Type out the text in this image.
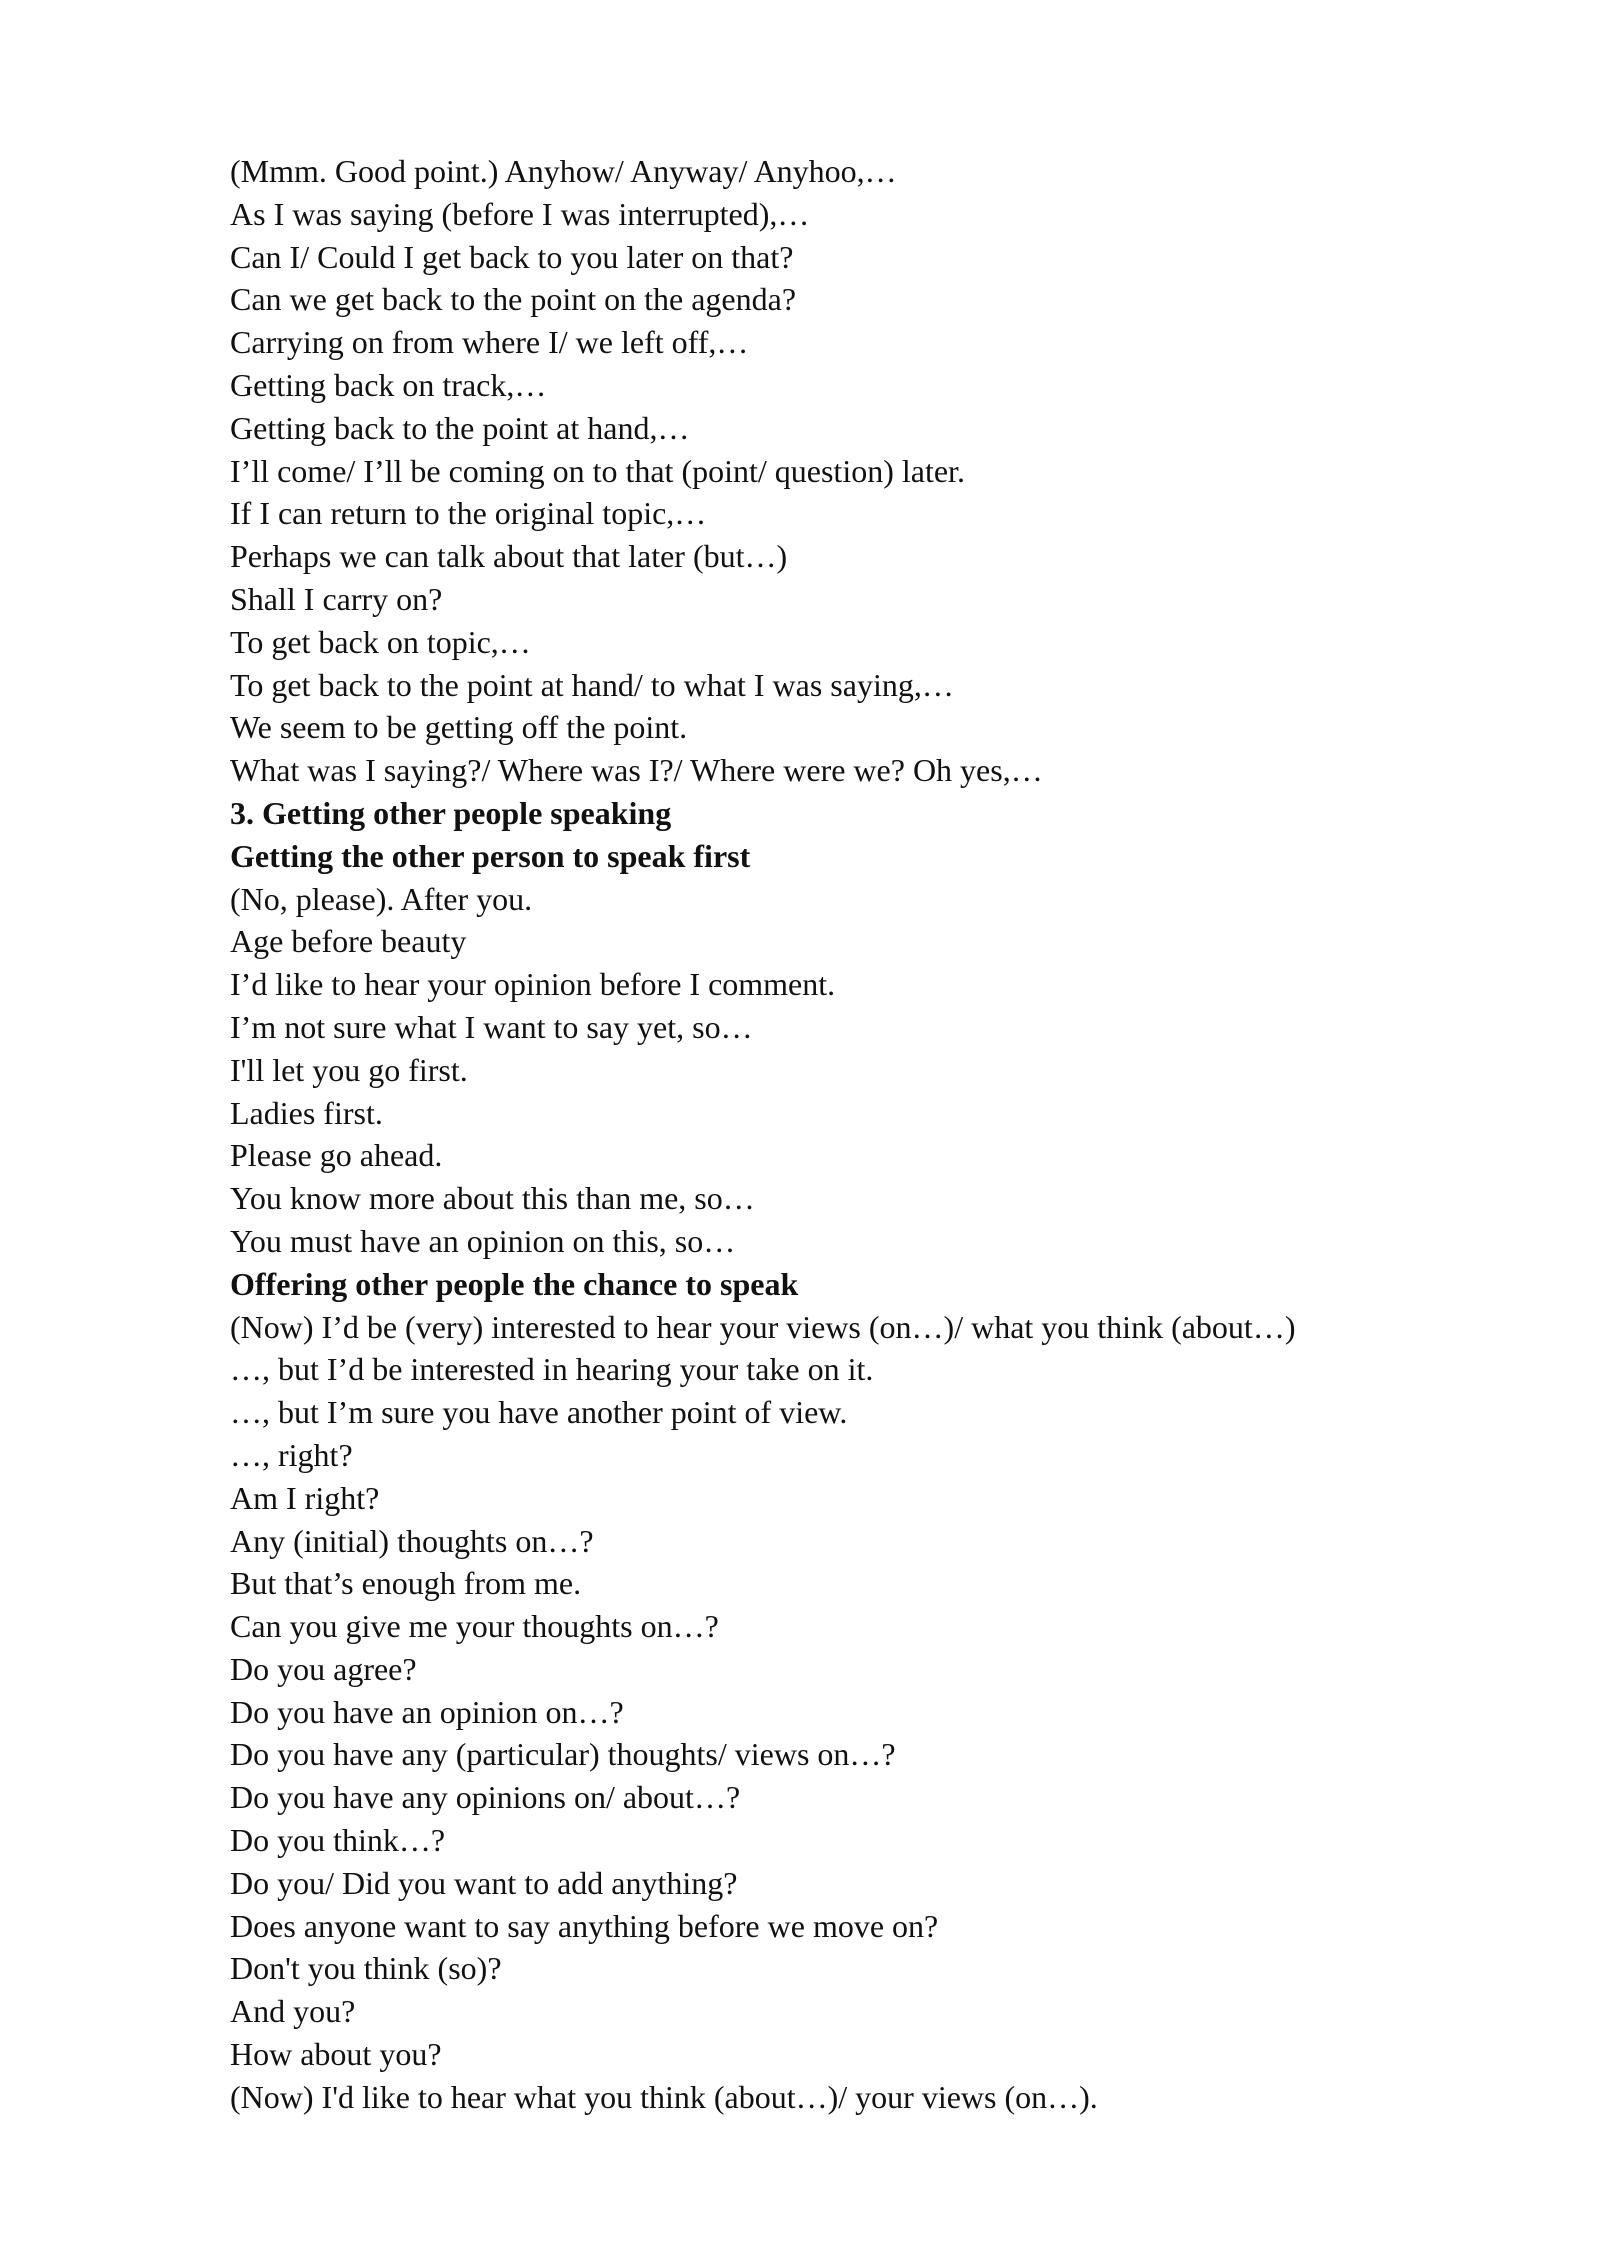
(Mmm. Good point.) Anyhow/ Anyway/ Anyhoo,…

As I was saying (before I was interrupted),…

Can I/ Could I get back to you later on that?

Can we get back to the point on the agenda?

Carrying on from where I/ we left off,…

Getting back on track,…

Getting back to the point at hand,…

I’ll come/ I’ll be coming on to that (point/ question) later.

If I can return to the original topic,…

Perhaps we can talk about that later (but…)

Shall I carry on?

To get back on topic,…

To get back to the point at hand/ to what I was saying,…

We seem to be getting off the point.

What was I saying?/ Where was I?/ Where were we? Oh yes,…

3. Getting other people speaking

Getting the other person to speak first

(No, please). After you.

Age before beauty

I’d like to hear your opinion before I comment.

I’m not sure what I want to say yet, so…

I'll let you go first.

Ladies first.

Please go ahead.

You know more about this than me, so…

You must have an opinion on this, so…

Offering other people the chance to speak

(Now) I’d be (very) interested to hear your views (on…)/ what you think (about…)

…, but I’d be interested in hearing your take on it.

…, but I’m sure you have another point of view.

…, right?

Am I right?

Any (initial) thoughts on…?

But that’s enough from me.

Can you give me your thoughts on…?

Do you agree?

Do you have an opinion on…?

Do you have any (particular) thoughts/ views on…?

Do you have any opinions on/ about…?

Do you think…?

Do you/ Did you want to add anything?

Does anyone want to say anything before we move on?

Don't you think (so)?

And you?

How about you?

(Now) I'd like to hear what you think (about…)/ your views (on…).
